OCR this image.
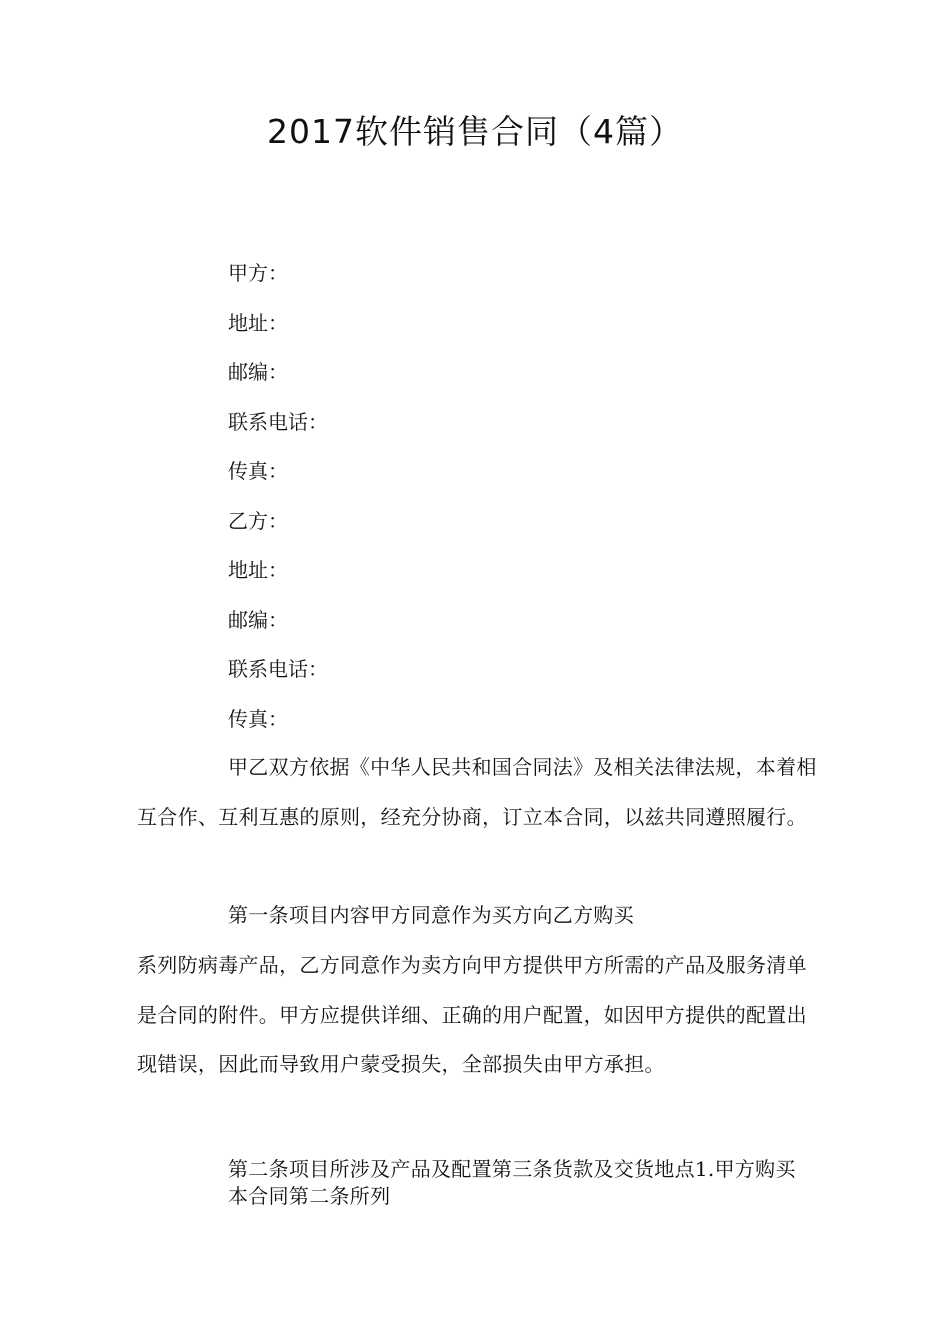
2017软件销售合同（4篇）
甲方：
地址：
邮编：
联系电话：
传真：
乙方：
地址：
邮编：
联系电话：
传真：
甲乙双方依据《中华人民共和国合同法》及相关法律法规，本着相互合作、互利互惠的原则，经充分协商，订立本合同，以兹共同遵照履行。
第一条项目内容甲方同意作为买方向乙方购买
系列防病毒产品，乙方同意作为卖方向甲方提供甲方所需的产品及服务清单是合同的附件。甲方应提供详细、正确的用户配置，如因甲方提供的配置出现错误，因此而导致用户蒙受损失，全部损失由甲方承担。
第二条项目所涉及产品及配置第三条货款及交货地点1.甲方购买本合同第二条所列
